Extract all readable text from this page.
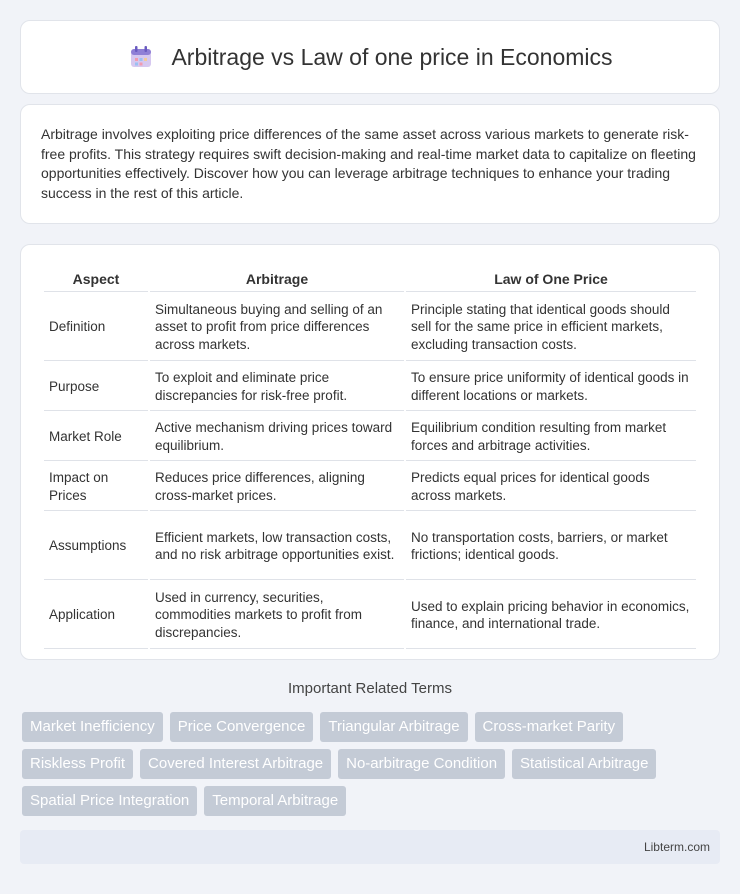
Arbitrage vs Law of one price in Economics

Arbitrage involves exploiting price differences of the same asset across various markets to generate risk-free profits. This strategy requires swift decision-making and real-time market data to capitalize on fleeting opportunities effectively. Discover how you can leverage arbitrage techniques to enhance your trading success in the rest of this article.

Aspect	Arbitrage	Law of One Price
Definition	Simultaneous buying and selling of an asset to profit from price differences across markets.	Principle stating that identical goods should sell for the same price in efficient markets, excluding transaction costs.
Purpose	To exploit and eliminate price discrepancies for risk-free profit.	To ensure price uniformity of identical goods in different locations or markets.
Market Role	Active mechanism driving prices toward equilibrium.	Equilibrium condition resulting from market forces and arbitrage activities.
Impact on Prices	Reduces price differences, aligning cross-market prices.	Predicts equal prices for identical goods across markets.
Assumptions	Efficient markets, low transaction costs, and no risk arbitrage opportunities exist.	No transportation costs, barriers, or market frictions; identical goods.
Application	Used in currency, securities, commodities markets to profit from discrepancies.	Used to explain pricing behavior in economics, finance, and international trade.
Important Related Terms
Market Inefficiency	Price Convergence	Triangular Arbitrage	Cross-market Parity
Riskless Profit	Covered Interest Arbitrage	No-arbitrage Condition	Statistical Arbitrage
Spatial Price Integration	Temporal Arbitrage
Libterm.com
